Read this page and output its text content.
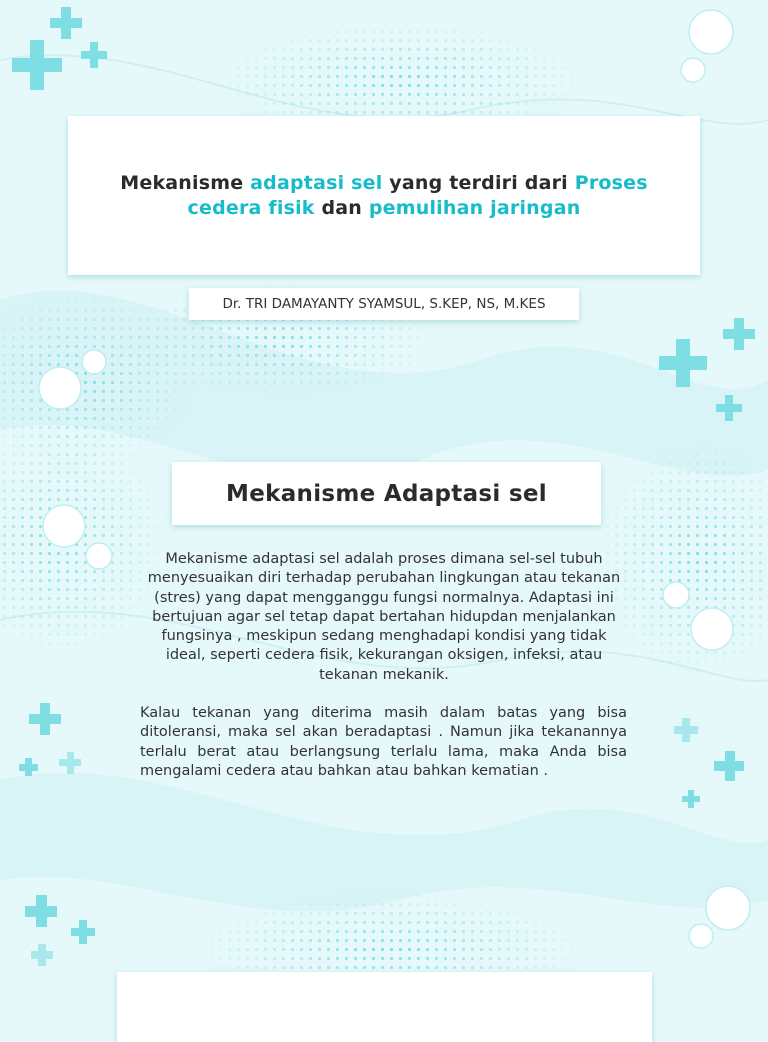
Mekanisme adaptasi sel yang terdiri dari Proses cedera fisik dan pemulihan jaringan
Dr. TRI DAMAYANTY SYAMSUL, S.KEP, NS, M.KES
Mekanisme Adaptasi sel

Mekanisme adaptasi sel adalah proses dimana sel-sel tubuh menyesuaikan diri terhadap perubahan lingkungan atau tekanan (stres) yang dapat mengganggu fungsi normalnya. Adaptasi ini bertujuan agar sel tetap dapat bertahan hidupdan menjalankan fungsinya , meskipun sedang menghadapi kondisi yang tidak ideal, seperti cedera fisik, kekurangan oksigen, infeksi, atau tekanan mekanik.

Kalau tekanan yang diterima masih dalam batas yang bisa ditoleransi, maka sel akan beradaptasi . Namun jika tekanannya terlalu berat atau berlangsung terlalu lama, maka Anda bisa mengalami cedera atau bahkan atau bahkan kematian .
